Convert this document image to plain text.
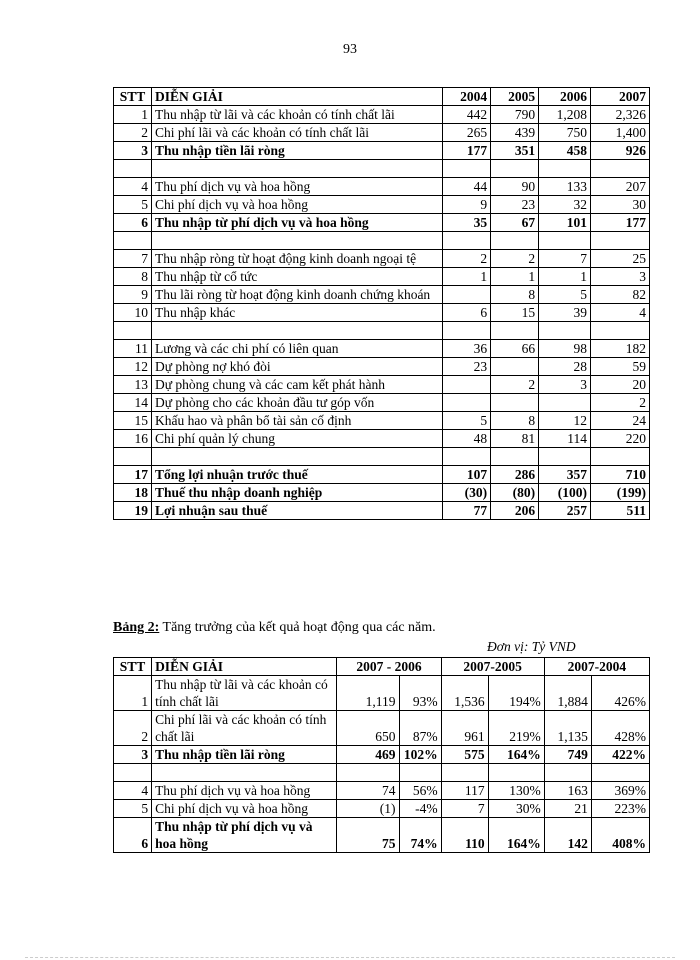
93
STT	DIỄN GIẢI	2004	2005	2006	2007
1	Thu nhập từ lãi và các khoản có tính chất lãi	442	790	1,208	2,326
2	Chi phí lãi và các khoản có tính chất lãi	265	439	750	1,400
3	Thu nhập tiền lãi ròng	177	351	458	926

4	Thu phí dịch vụ và hoa hồng	44	90	133	207
5	Chi phí dịch vụ và hoa hồng	9	23	32	30
6	Thu nhập từ phí dịch vụ và hoa hồng	35	67	101	177

7	Thu nhập ròng từ hoạt động kinh doanh ngoại tệ	2	2	7	25
8	Thu nhập từ cổ tức	1	1	1	3
9	Thu lãi ròng từ hoạt động kinh doanh chứng khoán		8	5	82
10	Thu nhập khác	6	15	39	4

11	Lương và các chi phí có liên quan	36	66	98	182
12	Dự phòng nợ khó đòi	23		28	59
13	Dự phòng chung và các cam kết phát hành		2	3	20
14	Dự phòng cho các khoản đầu tư góp vốn				2
15	Khấu hao và phân bổ tài sản cố định	5	8	12	24
16	Chi phí quản lý chung	48	81	114	220

17	Tổng lợi nhuận trước thuế	107	286	357	710
18	Thuế thu nhập doanh nghiệp	(30)	(80)	(100)	(199)
19	Lợi nhuận sau thuế	77	206	257	511
Bảng 2: Tăng trưởng của kết quả hoạt động qua các năm.
Đơn vị: Tỷ VND
STT	DIỄN GIẢI	2007 - 2006		2007-2005		2007-2004	
1	Thu nhập từ lãi và các khoản có tính chất lãi	1,119	93%	1,536	194%	1,884	426%
2	Chi phí lãi và các khoản có tính chất lãi	650	87%	961	219%	1,135	428%
3	Thu nhập tiền lãi ròng	469	102%	575	164%	749	422%

4	Thu phí dịch vụ và hoa hồng	74	56%	117	130%	163	369%
5	Chi phí dịch vụ và hoa hồng	(1)	-4%	7	30%	21	223%
6	Thu nhập từ phí dịch vụ và hoa hồng	75	74%	110	164%	142	408%
